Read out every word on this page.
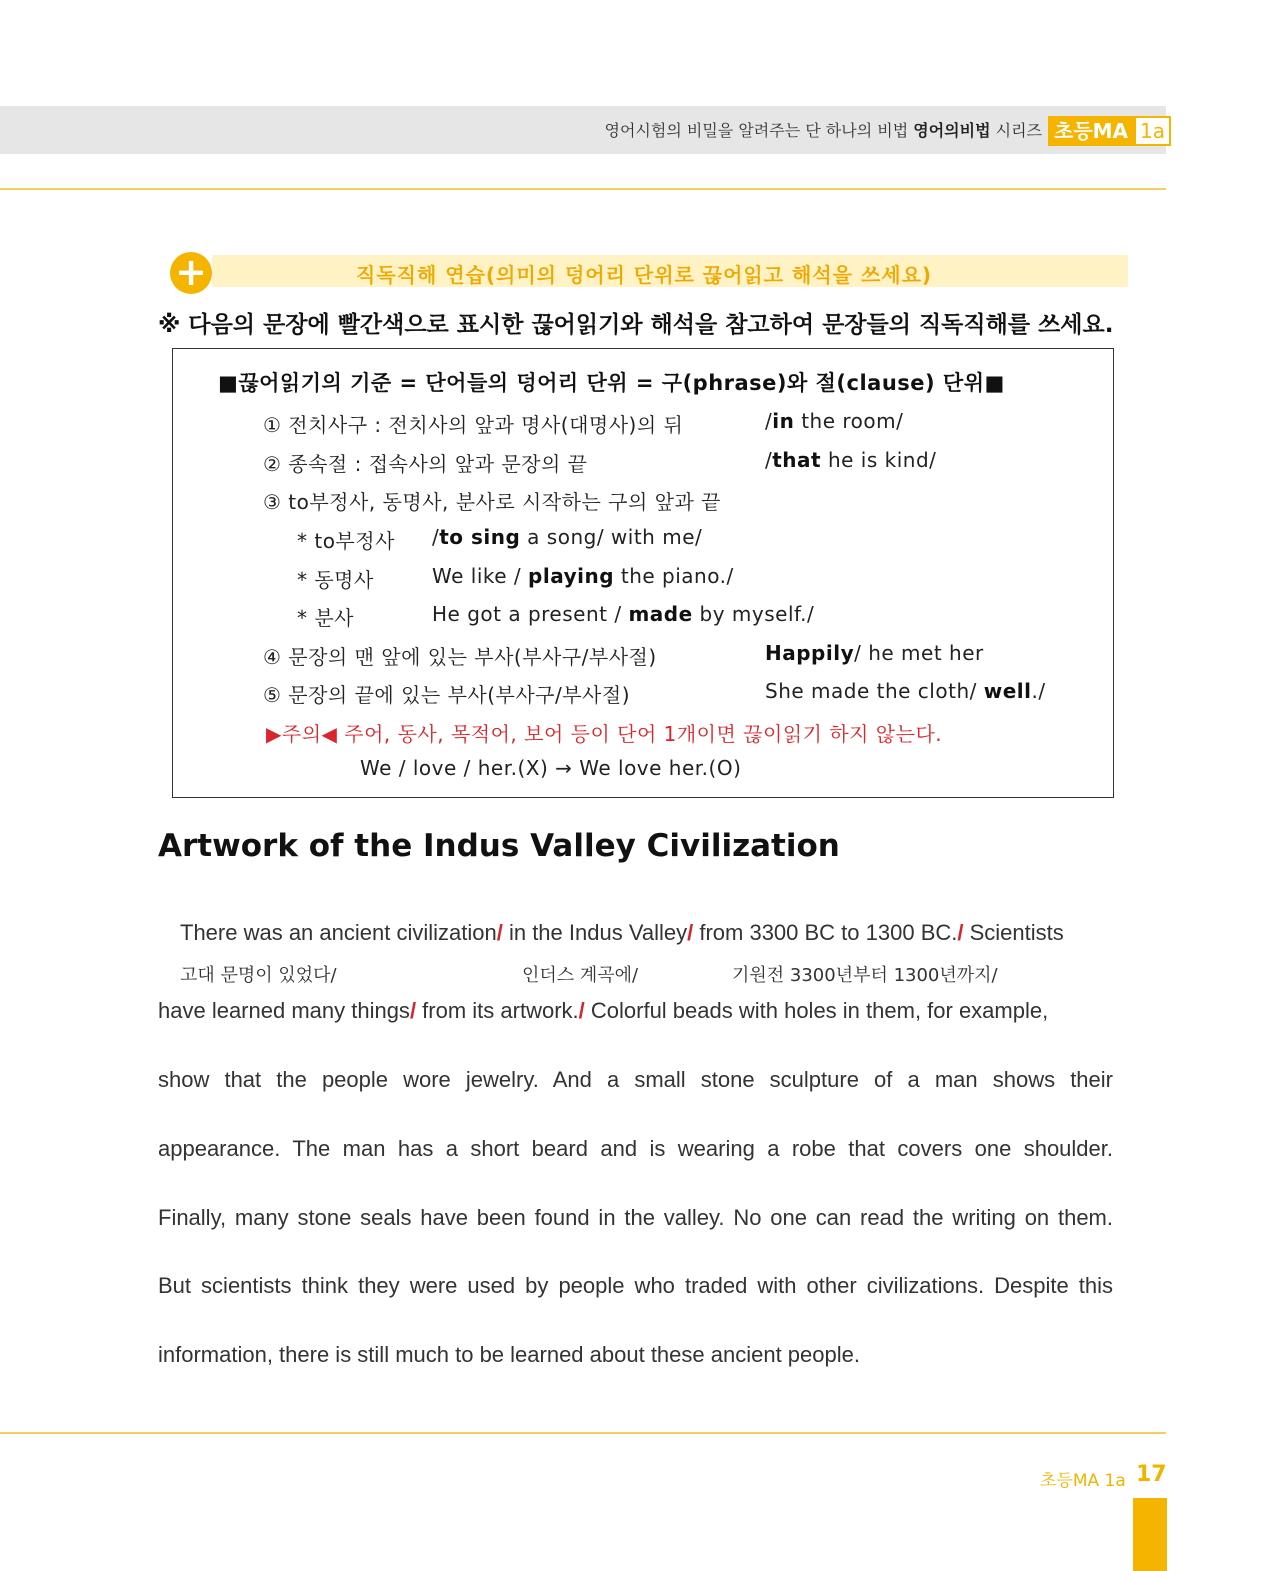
영어시험의 비밀을 알려주는 단 하나의 비법 영어의비법 시리즈 초등MA 1a
+	직독직해 연습(의미의 덩어리 단위로 끊어읽고 해석을 쓰세요)
※ 다음의 문장에 빨간색으로 표시한 끊어읽기와 해석을 참고하여 문장들의 직독직해를 쓰세요.
■끊어읽기의 기준 = 단어들의 덩어리 단위 = 구(phrase)와 절(clause) 단위■
① 전치사구 : 전치사의 앞과 명사(대명사)의 뒤	/in the room/
② 종속절 : 접속사의 앞과 문장의 끝	/that he is kind/
③ to부정사, 동명사, 분사로 시작하는 구의 앞과 끝
* to부정사 /to sing a song/ with me/
* 동명사	We like / playing the piano./
* 분사	He got a present / made by myself./
④ 문장의 맨 앞에 있는 부사(부사구/부사절)	Happily/ he met her
⑤ 문장의 끝에 있는 부사(부사구/부사절)	She made the cloth/ well./
▶주의◀ 주어, 동사, 목적어, 보어 등이 단어 1개이면 끊이읽기 하지 않는다.
We / love / her.(X) → We love her.(O)
Artwork of the Indus Valley Civilization
There was an ancient civilization/ in the Indus Valley/ from 3300 BC to 1300 BC./ Scientists
고대 문명이 있었다/	인더스 계곡에/	기원전 3300년부터 1300년까지/
have learned many things/ from its artwork./ Colorful beads with holes in them, for example,
show that the people wore jewelry. And a small stone sculpture of a man shows their
appearance. The man has a short beard and is wearing a robe that covers one shoulder.
Finally, many stone seals have been found in the valley. No one can read the writing on them.
But scientists think they were used by people who traded with other civilizations. Despite this
information, there is still much to be learned about these ancient people.
초등MA 1a 17
